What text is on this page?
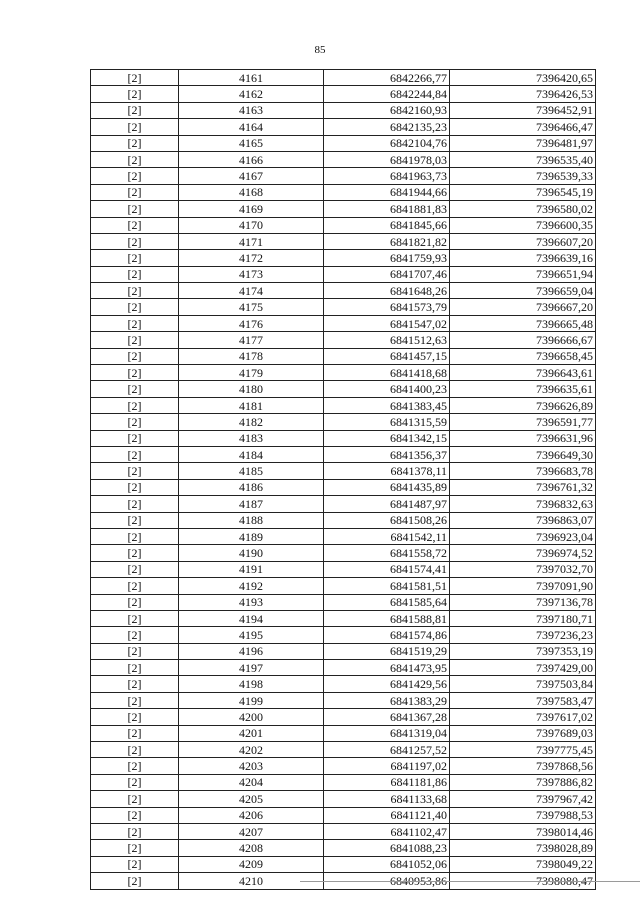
85
[2]	4161	6842266,77	7396420,65
[2]	4162	6842244,84	7396426,53
[2]	4163	6842160,93	7396452,91
[2]	4164	6842135,23	7396466,47
[2]	4165	6842104,76	7396481,97
[2]	4166	6841978,03	7396535,40
[2]	4167	6841963,73	7396539,33
[2]	4168	6841944,66	7396545,19
[2]	4169	6841881,83	7396580,02
[2]	4170	6841845,66	7396600,35
[2]	4171	6841821,82	7396607,20
[2]	4172	6841759,93	7396639,16
[2]	4173	6841707,46	7396651,94
[2]	4174	6841648,26	7396659,04
[2]	4175	6841573,79	7396667,20
[2]	4176	6841547,02	7396665,48
[2]	4177	6841512,63	7396666,67
[2]	4178	6841457,15	7396658,45
[2]	4179	6841418,68	7396643,61
[2]	4180	6841400,23	7396635,61
[2]	4181	6841383,45	7396626,89
[2]	4182	6841315,59	7396591,77
[2]	4183	6841342,15	7396631,96
[2]	4184	6841356,37	7396649,30
[2]	4185	6841378,11	7396683,78
[2]	4186	6841435,89	7396761,32
[2]	4187	6841487,97	7396832,63
[2]	4188	6841508,26	7396863,07
[2]	4189	6841542,11	7396923,04
[2]	4190	6841558,72	7396974,52
[2]	4191	6841574,41	7397032,70
[2]	4192	6841581,51	7397091,90
[2]	4193	6841585,64	7397136,78
[2]	4194	6841588,81	7397180,71
[2]	4195	6841574,86	7397236,23
[2]	4196	6841519,29	7397353,19
[2]	4197	6841473,95	7397429,00
[2]	4198	6841429,56	7397503,84
[2]	4199	6841383,29	7397583,47
[2]	4200	6841367,28	7397617,02
[2]	4201	6841319,04	7397689,03
[2]	4202	6841257,52	7397775,45
[2]	4203	6841197,02	7397868,56
[2]	4204	6841181,86	7397886,82
[2]	4205	6841133,68	7397967,42
[2]	4206	6841121,40	7397988,53
[2]	4207	6841102,47	7398014,46
[2]	4208	6841088,23	7398028,89
[2]	4209	6841052,06	7398049,22
[2]	4210	6840953,86	7398080,47
